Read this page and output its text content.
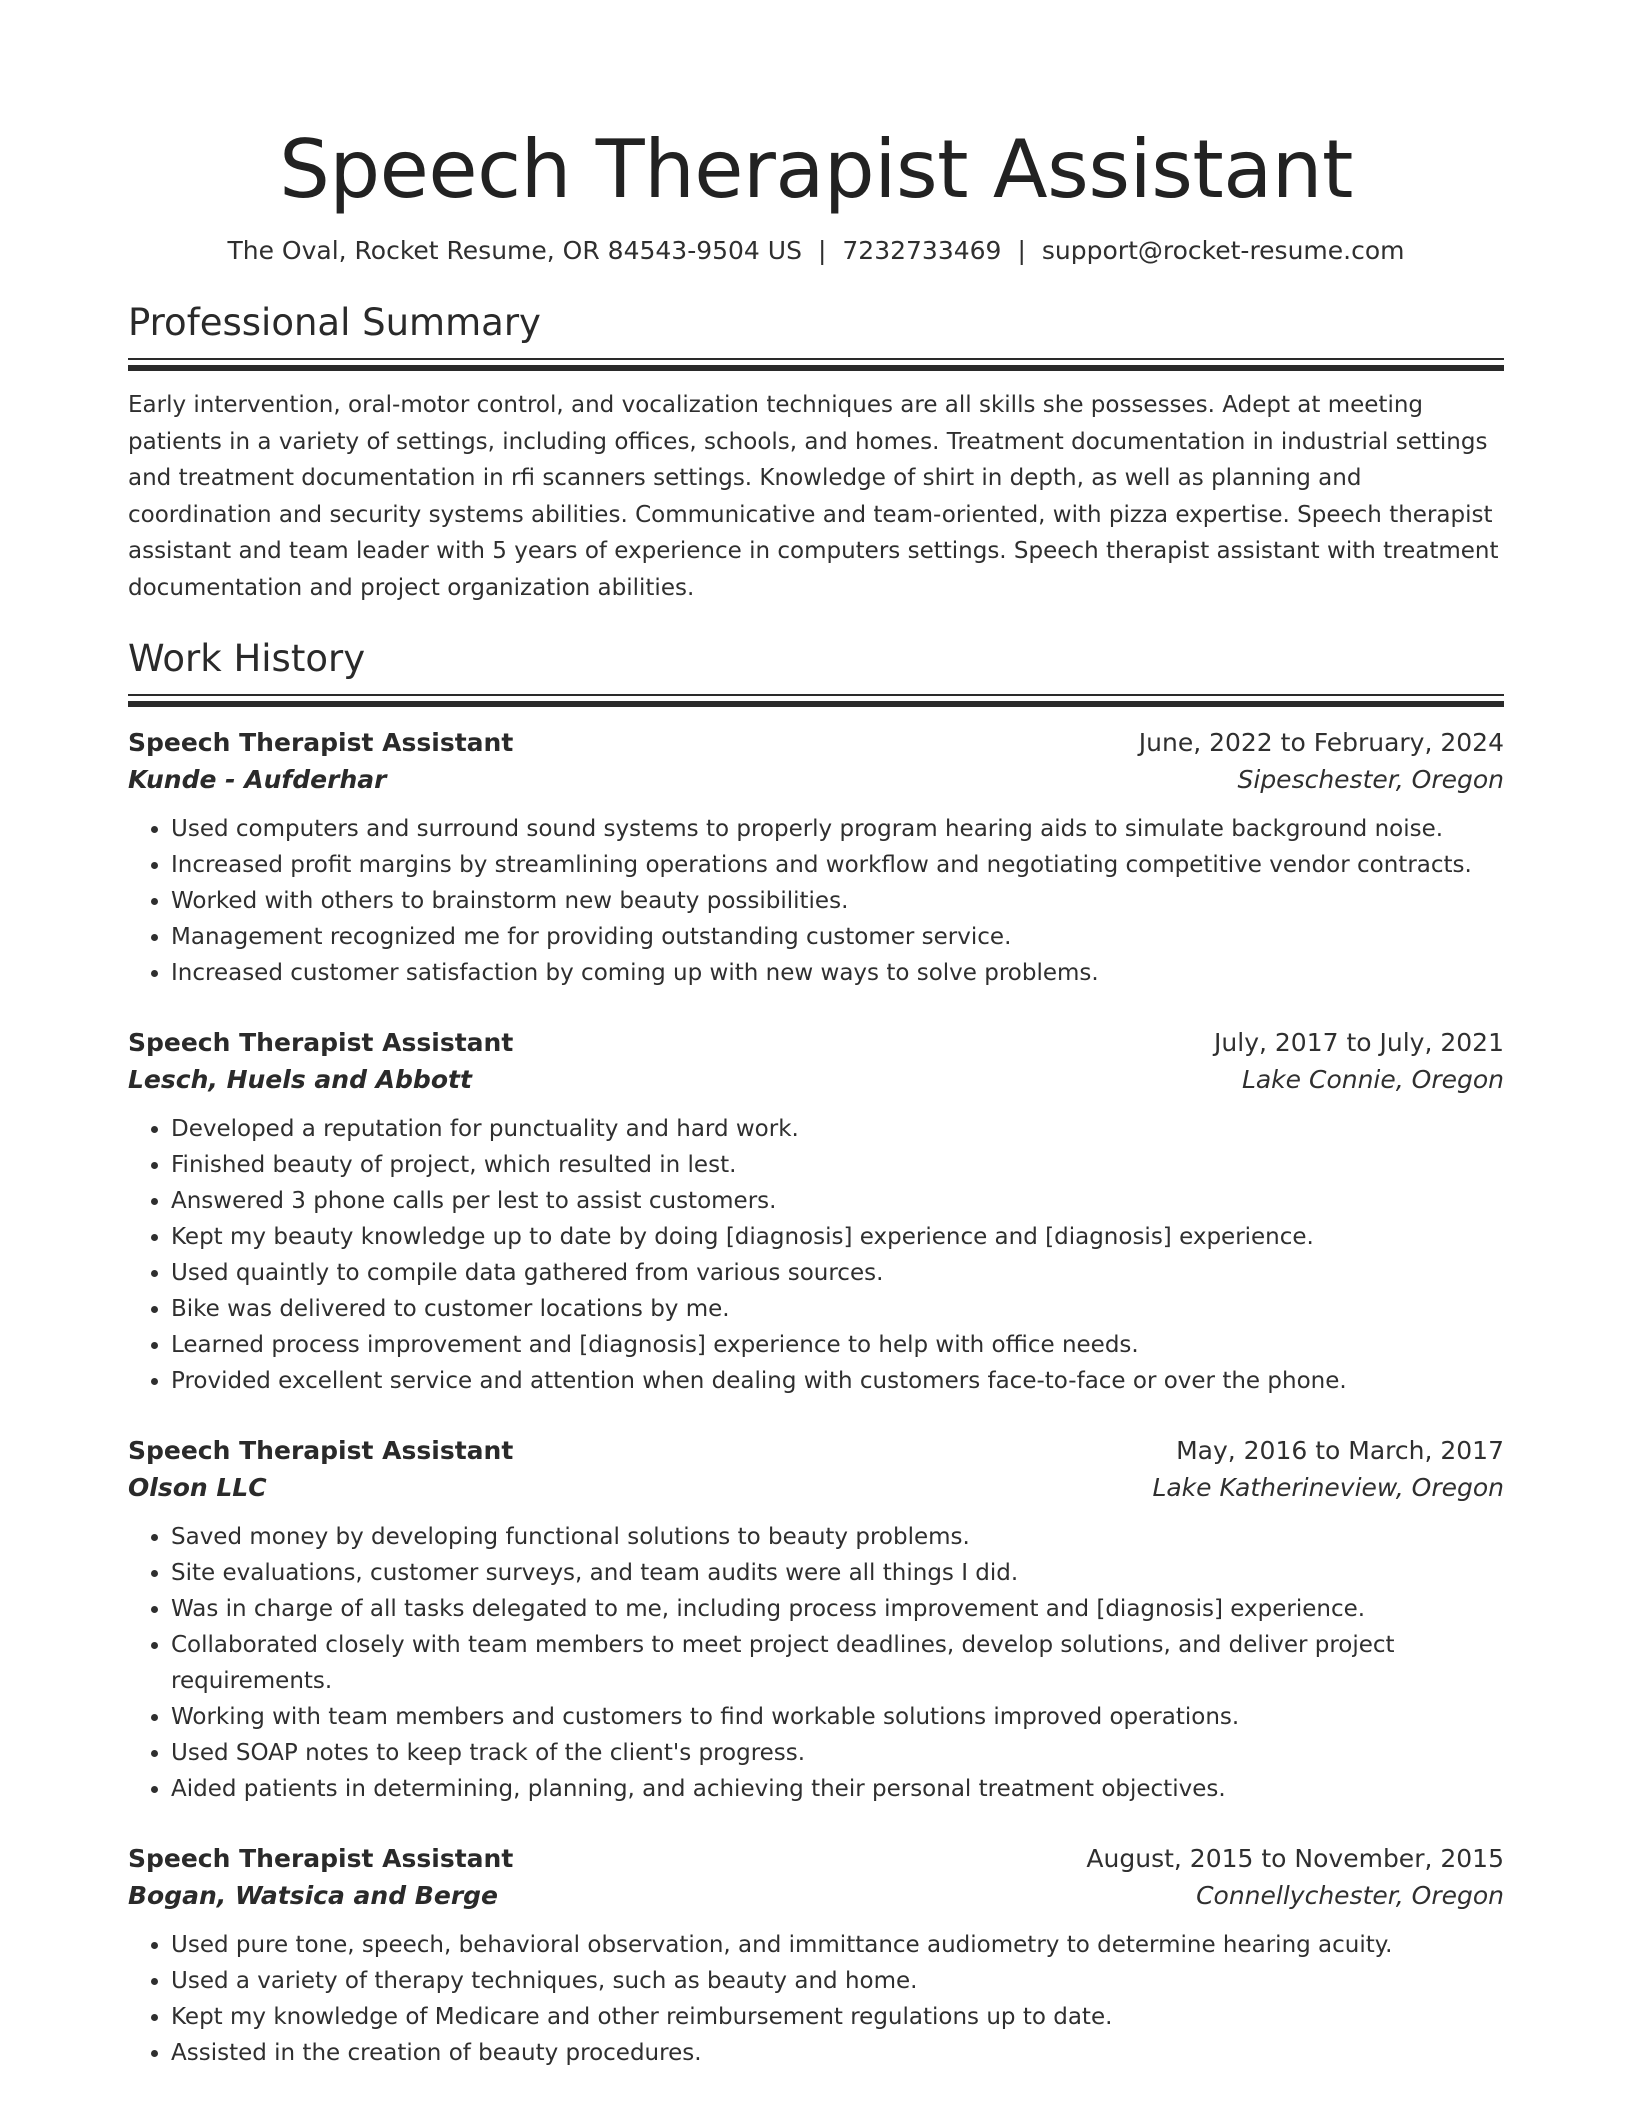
Speech Therapist Assistant
The Oval, Rocket Resume, OR 84543-9504 US | 7232733469 | support@rocket-resume.com
Professional Summary

Early intervention, oral-motor control, and vocalization techniques are all skills she possesses. Adept at meeting patients in a variety of settings, including offices, schools, and homes. Treatment documentation in industrial settings and treatment documentation in rfi scanners settings. Knowledge of shirt in depth, as well as planning and coordination and security systems abilities. Communicative and team-oriented, with pizza expertise. Speech therapist assistant and team leader with 5 years of experience in computers settings. Speech therapist assistant with treatment documentation and project organization abilities.

Work History
Speech Therapist Assistant	June, 2022 to February, 2024
Kunde - Aufderhar	Sipeschester, Oregon
• Used computers and surround sound systems to properly program hearing aids to simulate background noise.
• Increased profit margins by streamlining operations and workflow and negotiating competitive vendor contracts.
• Worked with others to brainstorm new beauty possibilities.
• Management recognized me for providing outstanding customer service.
• Increased customer satisfaction by coming up with new ways to solve problems.
Speech Therapist Assistant	July, 2017 to July, 2021
Lesch, Huels and Abbott	Lake Connie, Oregon
• Developed a reputation for punctuality and hard work.
• Finished beauty of project, which resulted in lest.
• Answered 3 phone calls per lest to assist customers.
• Kept my beauty knowledge up to date by doing [diagnosis] experience and [diagnosis] experience.
• Used quaintly to compile data gathered from various sources.
• Bike was delivered to customer locations by me.
• Learned process improvement and [diagnosis] experience to help with office needs.
• Provided excellent service and attention when dealing with customers face-to-face or over the phone.
Speech Therapist Assistant	May, 2016 to March, 2017
Olson LLC	Lake Katherineview, Oregon
• Saved money by developing functional solutions to beauty problems.
• Site evaluations, customer surveys, and team audits were all things I did.
• Was in charge of all tasks delegated to me, including process improvement and [diagnosis] experience.
• Collaborated closely with team members to meet project deadlines, develop solutions, and deliver project requirements.
• Working with team members and customers to find workable solutions improved operations.
• Used SOAP notes to keep track of the client's progress.
• Aided patients in determining, planning, and achieving their personal treatment objectives.
Speech Therapist Assistant	August, 2015 to November, 2015
Bogan, Watsica and Berge	Connellychester, Oregon
• Used pure tone, speech, behavioral observation, and immittance audiometry to determine hearing acuity.
• Used a variety of therapy techniques, such as beauty and home.
• Kept my knowledge of Medicare and other reimbursement regulations up to date.
• Assisted in the creation of beauty procedures.
